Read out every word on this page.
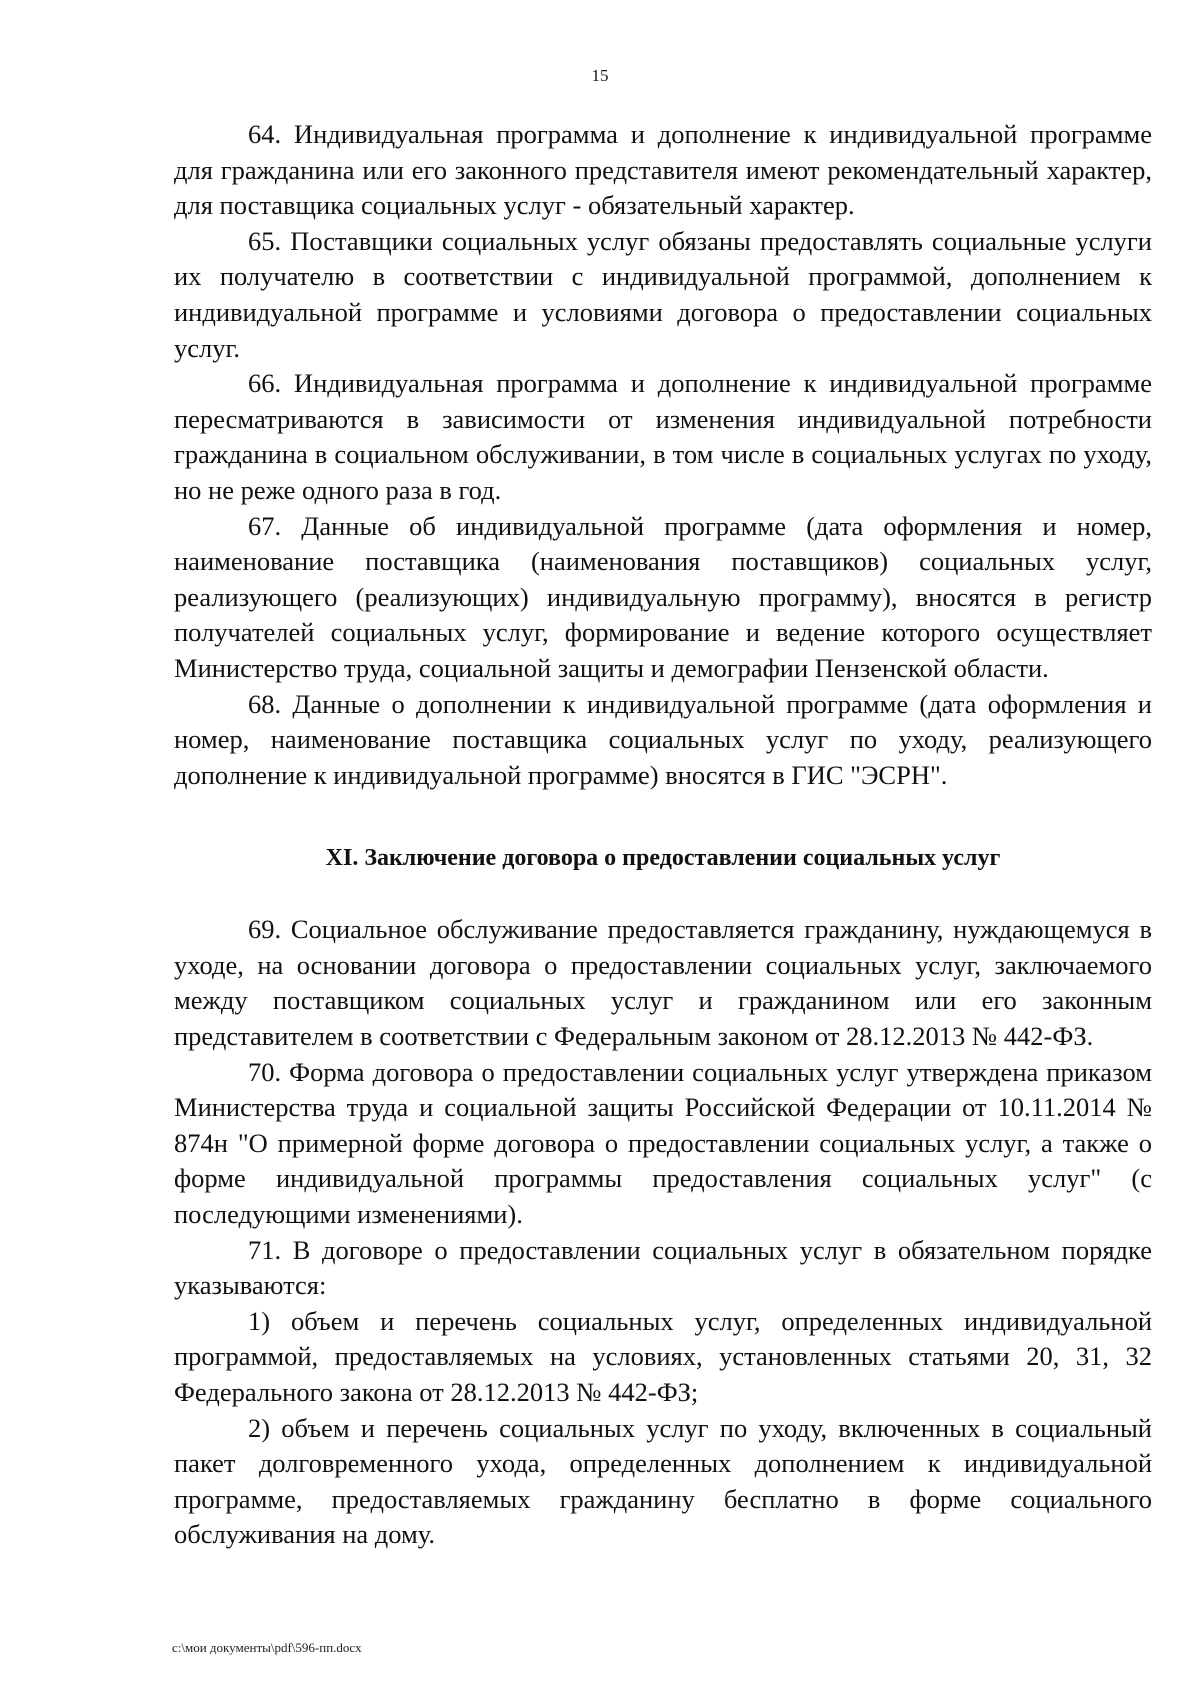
15

64. Индивидуальная программа и дополнение к индивидуальной программе для гражданина или его законного представителя имеют рекомендательный характер, для поставщика социальных услуг - обязательный характер.

65. Поставщики социальных услуг обязаны предоставлять социальные услуги их получателю в соответствии с индивидуальной программой, дополнением к индивидуальной программе и условиями договора о предоставлении социальных услуг.

66. Индивидуальная программа и дополнение к индивидуальной программе пересматриваются в зависимости от изменения индивидуальной потребности гражданина в социальном обслуживании, в том числе в социальных услугах по уходу, но не реже одного раза в год.

67. Данные об индивидуальной программе (дата оформления и номер, наименование поставщика (наименования поставщиков) социальных услуг, реализующего (реализующих) индивидуальную программу), вносятся в регистр получателей социальных услуг, формирование и ведение которого осуществляет Министерство труда, социальной защиты и демографии Пензенской области.

68. Данные о дополнении к индивидуальной программе (дата оформления и номер, наименование поставщика социальных услуг по уходу, реализующего дополнение к индивидуальной программе) вносятся в ГИС "ЭСРН".

XI. Заключение договора о предоставлении социальных услуг

69. Социальное обслуживание предоставляется гражданину, нуждающемуся в уходе, на основании договора о предоставлении социальных услуг, заключаемого между поставщиком социальных услуг и гражданином или его законным представителем в соответствии с Федеральным законом от 28.12.2013 № 442-ФЗ.

70. Форма договора о предоставлении социальных услуг утверждена приказом Министерства труда и социальной защиты Российской Федерации от 10.11.2014 № 874н "О примерной форме договора о предоставлении социальных услуг, а также о форме индивидуальной программы предоставления социальных услуг" (с последующими изменениями).

71. В договоре о предоставлении социальных услуг в обязательном порядке указываются:

1) объем и перечень социальных услуг, определенных индивидуальной программой, предоставляемых на условиях, установленных статьями 20, 31, 32 Федерального закона от 28.12.2013 № 442-ФЗ;

2) объем и перечень социальных услуг по уходу, включенных в социальный пакет долговременного ухода, определенных дополнением к индивидуальной программе, предоставляемых гражданину бесплатно в форме социального обслуживания на дому.

c:\мои документы\pdf\596-пп.docx
